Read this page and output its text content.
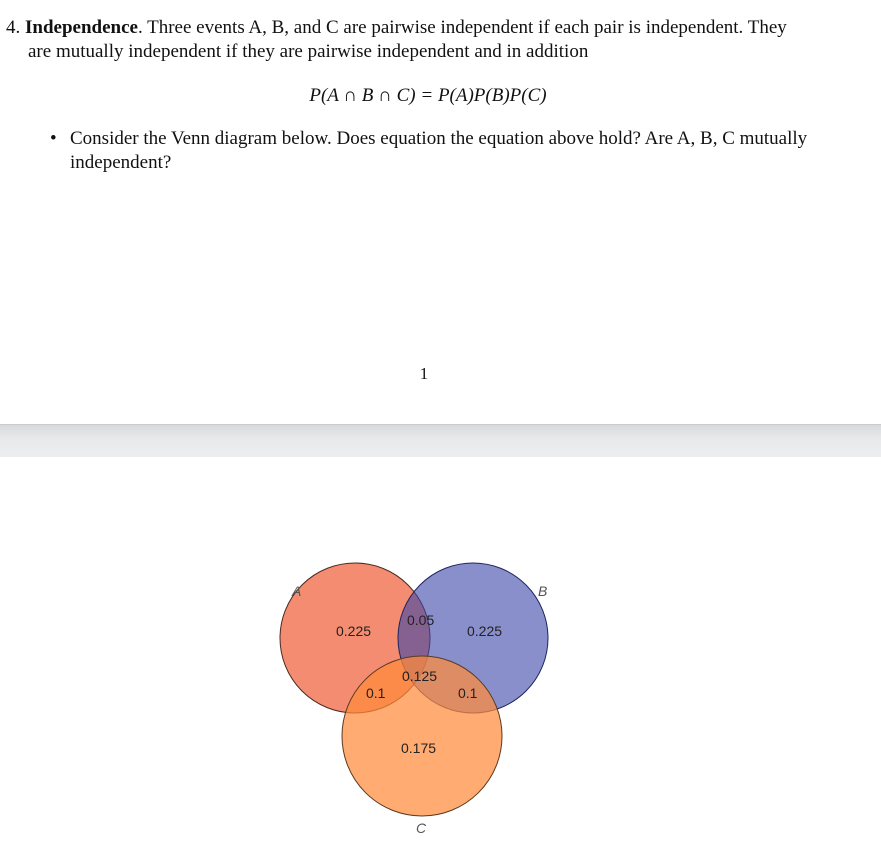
4. Independence. Three events A, B, and C are pairwise independent if each pair is independent. They
are mutually independent if they are pairwise independent and in addition
P(A ∩ B ∩ C) = P(A)P(B)P(C)
• Consider the Venn diagram below. Does equation the equation above hold? Are A, B, C mutually
independent?
1
A	B
C
0.225
0.05
0.225
0.125
0.1	0.1
0.175
